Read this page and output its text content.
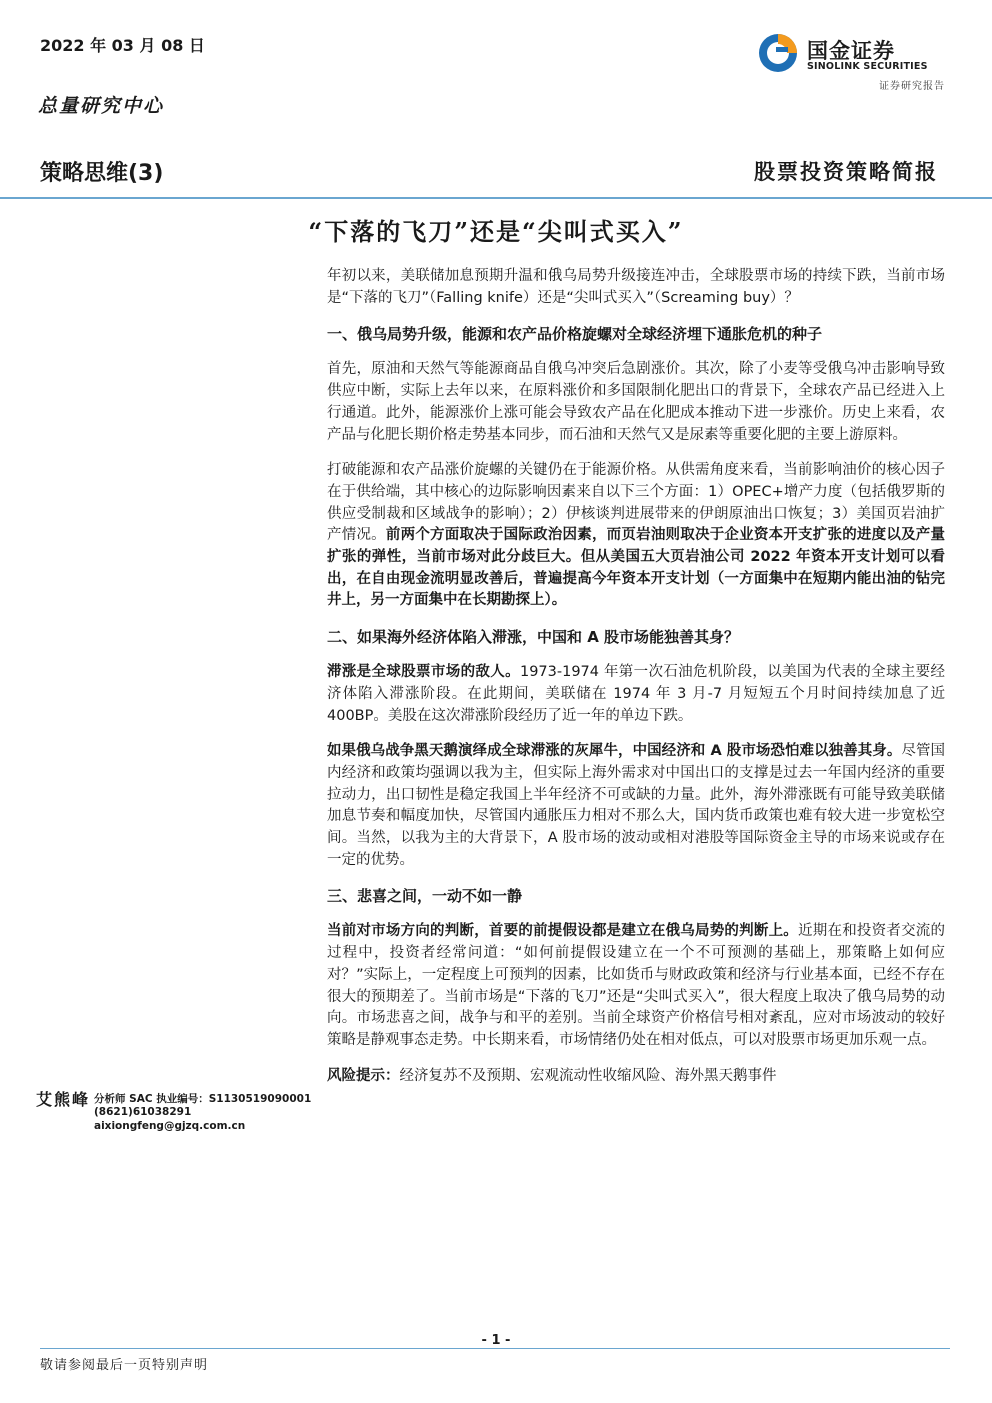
2022 年 03 月 08 日
总量研究中心
国金证券
SINOLINK SECURITIES
证券研究报告
策略思维(3)	股票投资策略简报
“下落的飞刀”还是“尖叫式买入”

年初以来，美联储加息预期升温和俄乌局势升级接连冲击，全球股票市场的持续下跌，当前市场是“下落的飞刀”（Falling knife）还是“尖叫式买入”（Screaming buy）？

一、俄乌局势升级，能源和农产品价格旋螺对全球经济埋下通胀危机的种子

首先，原油和天然气等能源商品自俄乌冲突后急剧涨价。其次，除了小麦等受俄乌冲击影响导致供应中断，实际上去年以来，在原料涨价和多国限制化肥出口的背景下，全球农产品已经进入上行通道。此外，能源涨价上涨可能会导致农产品在化肥成本推动下进一步涨价。历史上来看，农产品与化肥长期价格走势基本同步，而石油和天然气又是尿素等重要化肥的主要上游原料。

打破能源和农产品涨价旋螺的关键仍在于能源价格。从供需角度来看，当前影响油价的核心因子在于供给端，其中核心的边际影响因素来自以下三个方面：1）OPEC+增产力度（包括俄罗斯的供应受制裁和区域战争的影响）；2）伊核谈判进展带来的伊朗原油出口恢复；3）美国页岩油扩产情况。前两个方面取决于国际政治因素，而页岩油则取决于企业资本开支扩张的进度以及产量扩张的弹性，当前市场对此分歧巨大。但从美国五大页岩油公司 2022 年资本开支计划可以看出，在自由现金流明显改善后，普遍提高今年资本开支计划（一方面集中在短期内能出油的钻完井上，另一方面集中在长期勘探上）。

二、如果海外经济体陷入滞涨，中国和 A 股市场能独善其身？

滞涨是全球股票市场的敌人。1973-1974 年第一次石油危机阶段，以美国为代表的全球主要经济体陷入滞涨阶段。在此期间，美联储在 1974 年 3 月-7 月短短五个月时间持续加息了近 400BP。美股在这次滞涨阶段经历了近一年的单边下跌。

如果俄乌战争黑天鹅演绎成全球滞涨的灰犀牛，中国经济和 A 股市场恐怕难以独善其身。尽管国内经济和政策均强调以我为主，但实际上海外需求对中国出口的支撑是过去一年国内经济的重要拉动力，出口韧性是稳定我国上半年经济不可或缺的力量。此外，海外滞涨既有可能导致美联储加息节奏和幅度加快，尽管国内通胀压力相对不那么大，国内货币政策也难有较大进一步宽松空间。当然，以我为主的大背景下，A 股市场的波动或相对港股等国际资金主导的市场来说或存在一定的优势。

三、悲喜之间，一动不如一静

当前对市场方向的判断，首要的前提假设都是建立在俄乌局势的判断上。近期在和投资者交流的过程中，投资者经常问道：“如何前提假设建立在一个不可预测的基础上，那策略上如何应对？”实际上，一定程度上可预判的因素，比如货币与财政政策和经济与行业基本面，已经不存在很大的预期差了。当前市场是“下落的飞刀”还是“尖叫式买入”，很大程度上取决了俄乌局势的动向。市场悲喜之间，战争与和平的差别。当前全球资产价格信号相对紊乱，应对市场波动的较好策略是静观事态走势。中长期来看，市场情绪仍处在相对低点，可以对股票市场更加乐观一点。

风险提示：经济复苏不及预期、宏观流动性收缩风险、海外黑天鹅事件

艾熊峰 分析师 SAC 执业编号：S1130519090001
(8621)61038291
aixiongfeng@gjzq.com.cn
- 1 -
敬请参阅最后一页特别声明
